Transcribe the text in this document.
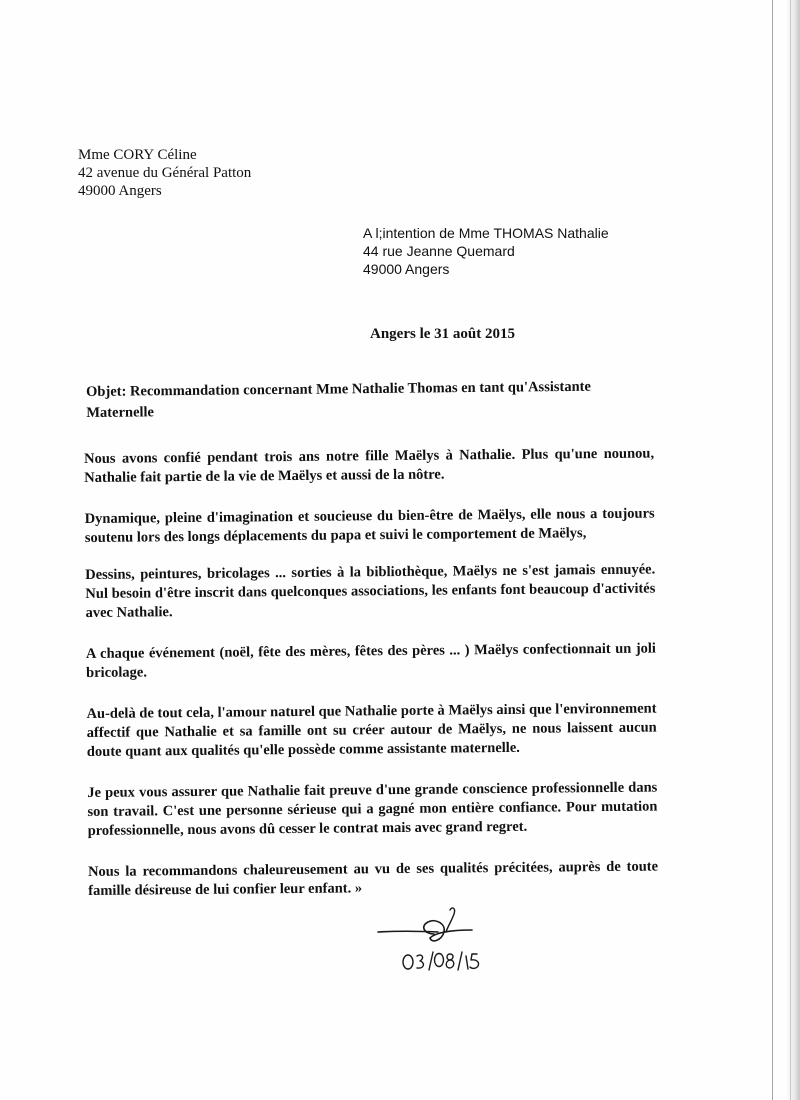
Mme CORY Céline
42 avenue du Général Patton
49000 Angers
A l;intention de Mme THOMAS Nathalie
44 rue Jeanne Quemard
49000 Angers
Angers le 31 août 2015
Objet: Recommandation concernant Mme Nathalie Thomas en tant qu'Assistante
Maternelle

Nous avons confié pendant trois ans notre fille Maëlys à Nathalie. Plus qu'une nounou, Nathalie fait partie de la vie de Maëlys et aussi de la nôtre.

Dynamique, pleine d'imagination et soucieuse du bien-être de Maëlys, elle nous a toujours soutenu lors des longs déplacements du papa et suivi le comportement de Maëlys,

Dessins, peintures, bricolages ... sorties à la bibliothèque, Maëlys ne s'est jamais ennuyée. Nul besoin d'être inscrit dans quelconques associations, les enfants font beaucoup d'activités avec Nathalie.

A chaque événement (noël, fête des mères, fêtes des pères ... ) Maëlys confectionnait un joli bricolage.

Au-delà de tout cela, l'amour naturel que Nathalie porte à Maëlys ainsi que l'environnement affectif que Nathalie et sa famille ont su créer autour de Maëlys, ne nous laissent aucun doute quant aux qualités qu'elle possède comme assistante maternelle.

Je peux vous assurer que Nathalie fait preuve d'une grande conscience professionnelle dans son travail. C'est une personne sérieuse qui a gagné mon entière confiance. Pour mutation professionnelle, nous avons dû cesser le contrat mais avec grand regret.

Nous la recommandons chaleureusement au vu de ses qualités précitées, auprès de toute famille désireuse de lui confier leur enfant. »
